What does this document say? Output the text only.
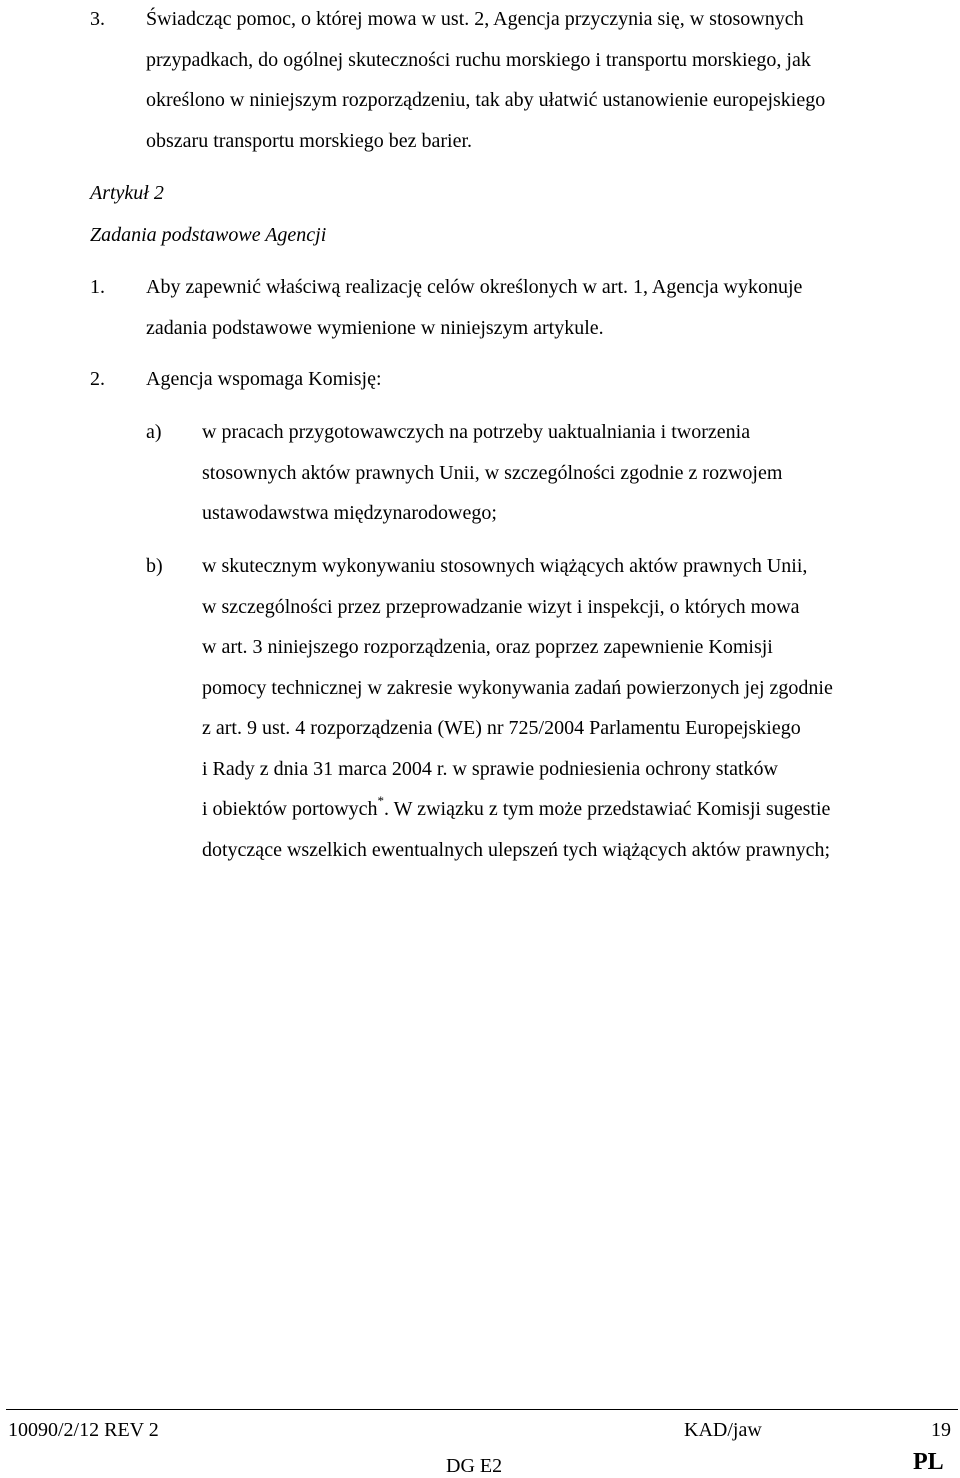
3. Świadcząc pomoc, o której mowa w ust. 2, Agencja przyczynia się, w stosownych
przypadkach, do ogólnej skuteczności ruchu morskiego i transportu morskiego, jak
określono w niniejszym rozporządzeniu, tak aby ułatwić ustanowienie europejskiego
obszaru transportu morskiego bez barier.
Artykuł 2
Zadania podstawowe Agencji
1. Aby zapewnić właściwą realizację celów określonych w art. 1, Agencja wykonuje
zadania podstawowe wymienione w niniejszym artykule.
2. Agencja wspomaga Komisję:
a) w pracach przygotowawczych na potrzeby uaktualniania i tworzenia
stosownych aktów prawnych Unii, w szczególności zgodnie z rozwojem
ustawodawstwa międzynarodowego;
b) w skutecznym wykonywaniu stosownych wiążących aktów prawnych Unii,
w szczególności przez przeprowadzanie wizyt i inspekcji, o których mowa
w art. 3 niniejszego rozporządzenia, oraz poprzez zapewnienie Komisji
pomocy technicznej w zakresie wykonywania zadań powierzonych jej zgodnie
z art. 9 ust. 4 rozporządzenia (WE) nr 725/2004 Parlamentu Europejskiego
i Rady z dnia 31 marca 2004 r. w sprawie podniesienia ochrony statków
i obiektów portowych*. W związku z tym może przedstawiać Komisji sugestie
dotyczące wszelkich ewentualnych ulepszeń tych wiążących aktów prawnych;
10090/2/12 REV 2	KAD/jaw	19
DG E2	PL
